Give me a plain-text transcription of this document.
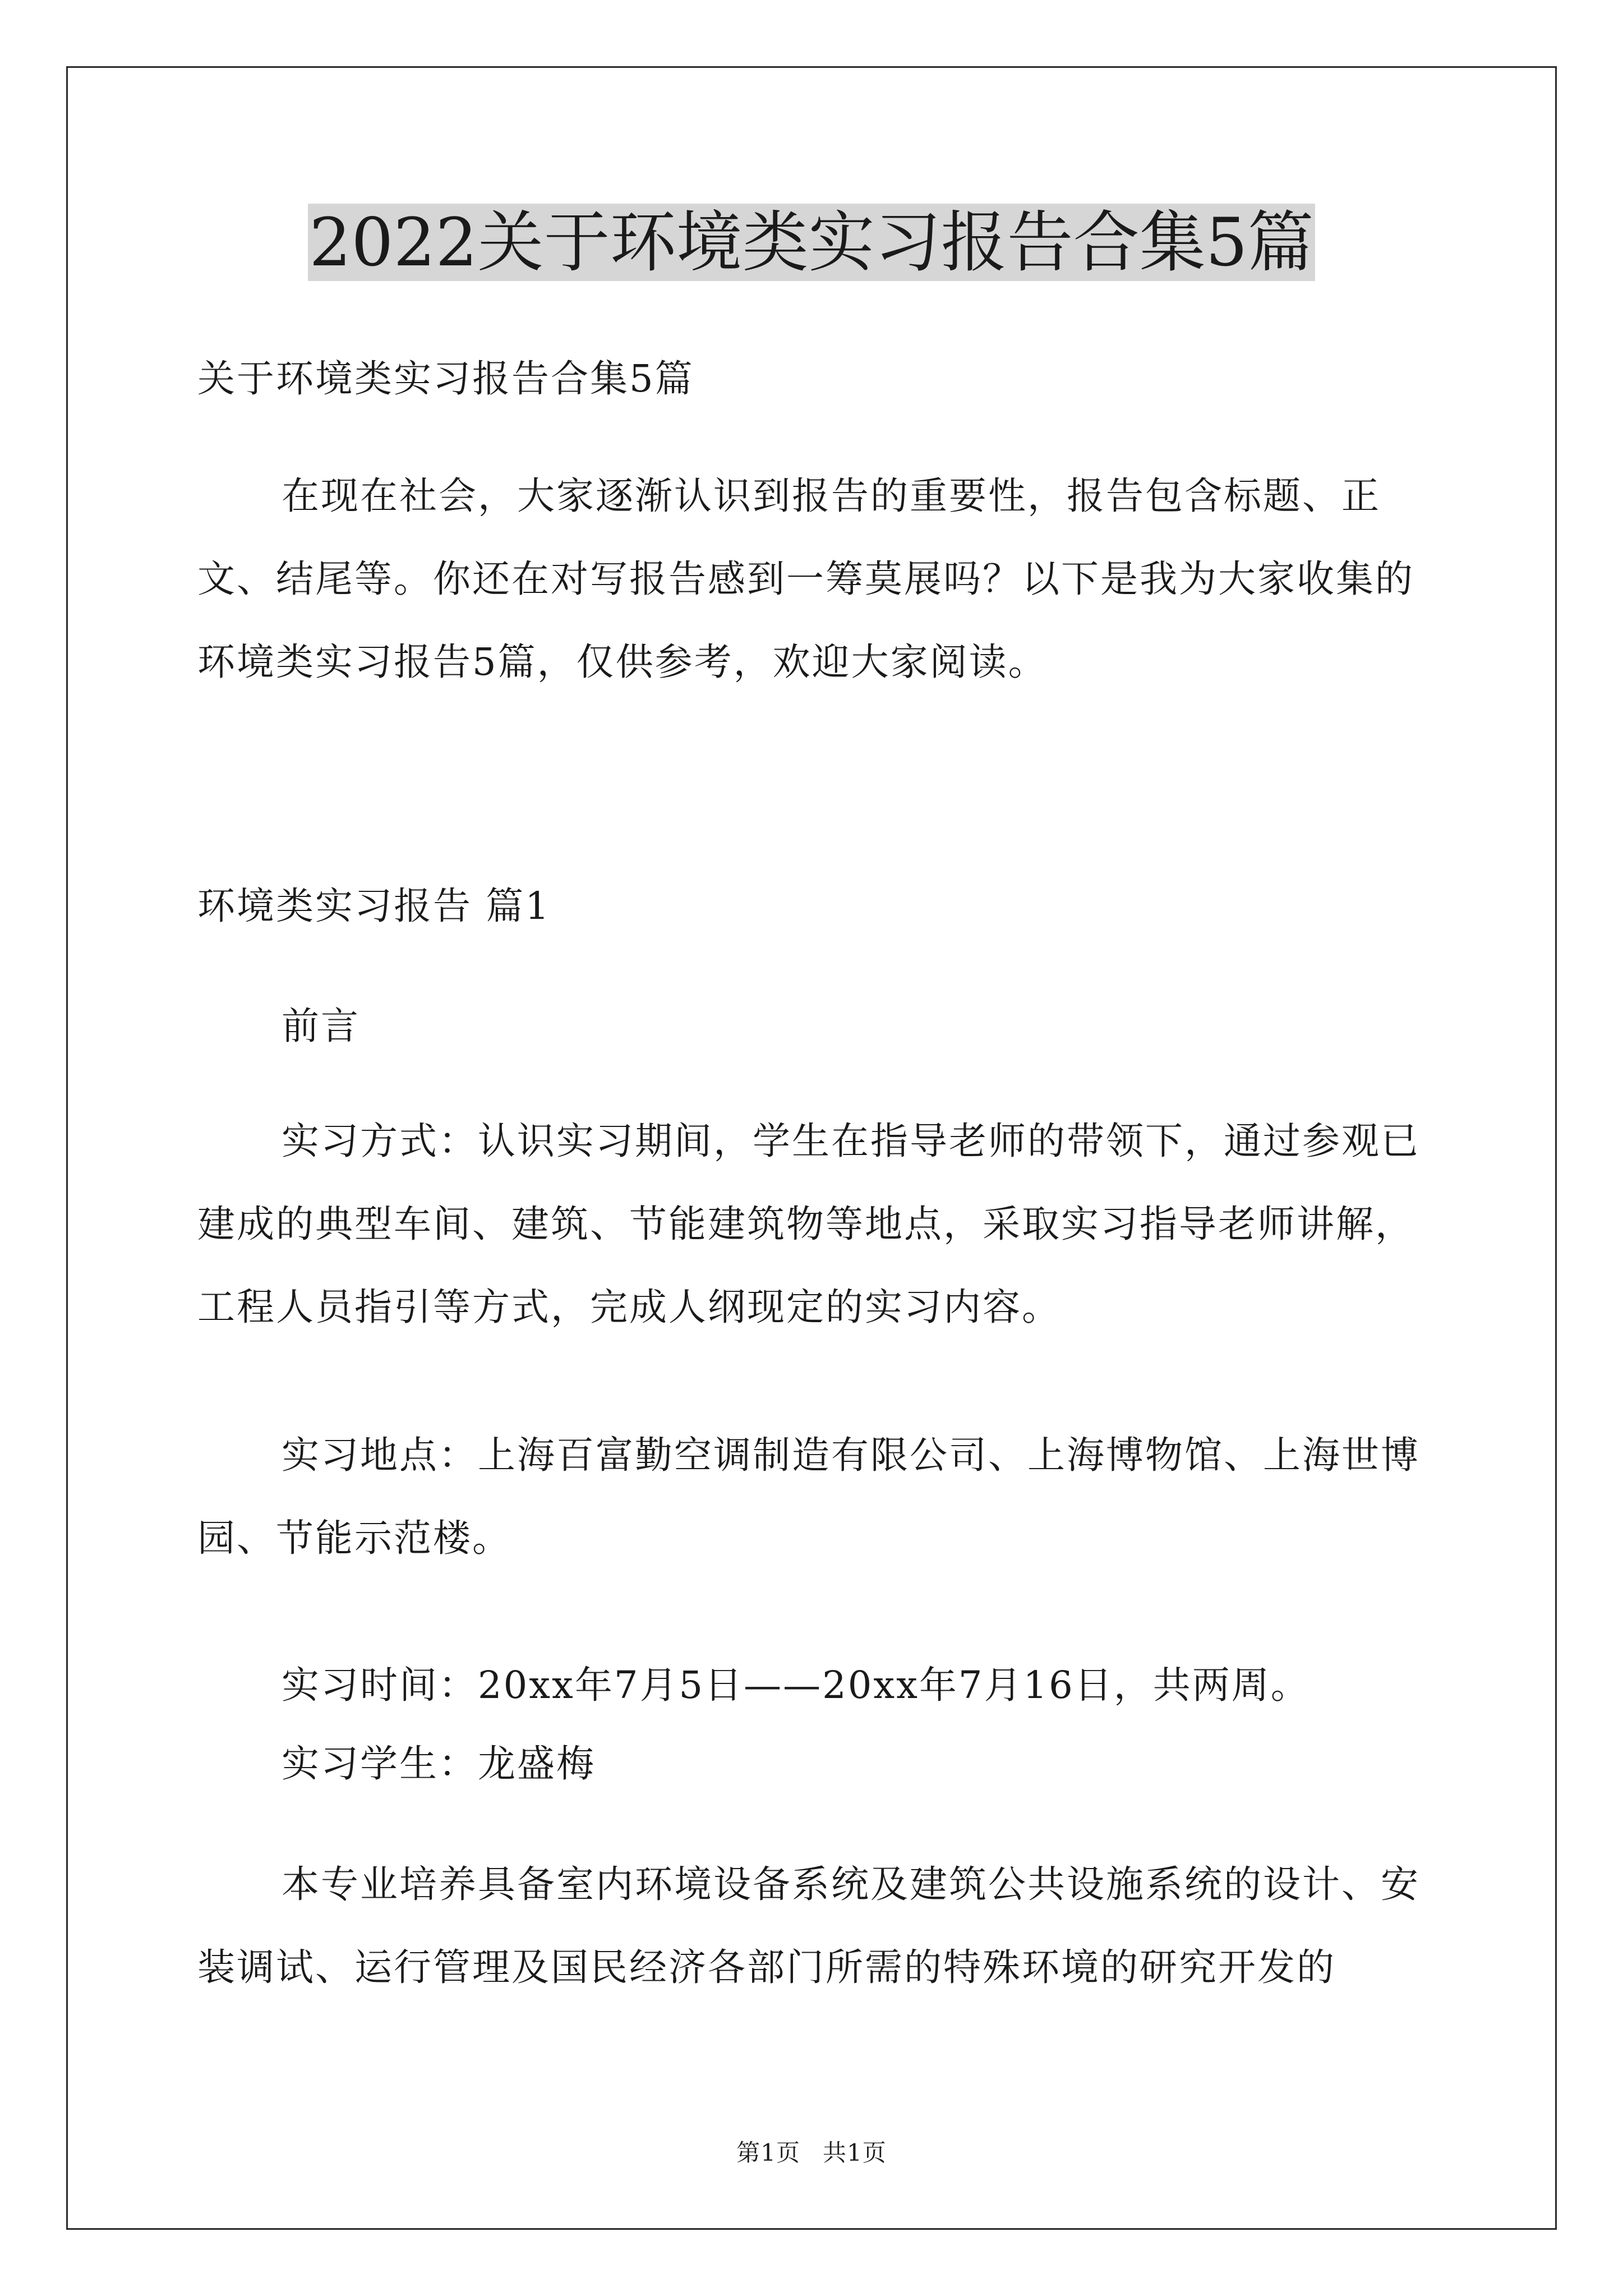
2022关于环境类实习报告合集5篇

关于环境类实习报告合集5篇

在现在社会，大家逐渐认识到报告的重要性，报告包含标题、正文、结尾等。你还在对写报告感到一筹莫展吗？以下是我为大家收集的环境类实习报告5篇，仅供参考，欢迎大家阅读。

环境类实习报告 篇1

前言

实习方式：认识实习期间，学生在指导老师的带领下，通过参观已建成的典型车间、建筑、节能建筑物等地点，采取实习指导老师讲解，工程人员指引等方式，完成人纲现定的实习内容。

实习地点：上海百富勤空调制造有限公司、上海博物馆、上海世博园、节能示范楼。

实习时间：20xx年7月5日——20xx年7月16日，共两周。

实习学生：龙盛梅

本专业培养具备室内环境设备系统及建筑公共设施系统的设计、安装调试、运行管理及国民经济各部门所需的特殊环境的研究开发的

第1页 共1页
